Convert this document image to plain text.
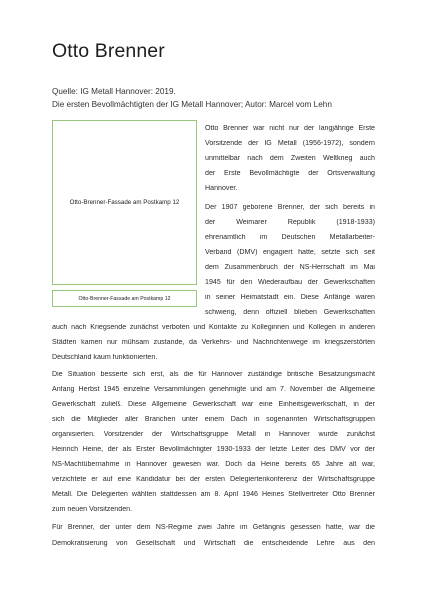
Otto Brenner
Quelle: IG Metall Hannover: 2019.
Die ersten Bevollmächtigten der IG Metall Hannover; Autor: Marcel vom Lehn
Otto-Brenner-Fassade am Postkamp 12
Otto-Brenner-Fassade am Postkamp 12
Otto Brenner war nicht nur der langjährige Erste
Vorsitzende der IG Metall (1956-1972), sondern
unmittelbar nach dem Zweiten Weltkrieg auch
der Erste Bevollmächtigte der Ortsverwaltung
Hannover.
Der 1907 geborene Brenner, der sich bereits in
der Weimarer Republik (1918-1933)
ehrenamtlich im Deutschen Metallarbeiter-
Verband (DMV) engagiert hatte, setzte sich seit
dem Zusammenbruch der NS-Herrschaft im Mai
1945 für den Wiederaufbau der Gewerkschaften
in seiner Heimatstadt ein. Diese Anfänge waren
schwierig, denn offiziell blieben Gewerkschaften
auch nach Kriegsende zunächst verboten und Kontakte zu Kolleginnen und Kollegen in anderen
Städten kamen nur mühsam zustande, da Verkehrs- und Nachrichtenwege im kriegszerstörten
Deutschland kaum funktionierten.
Die Situation besserte sich erst, als die für Hannover zuständige britische Besatzungsmacht
Anfang Herbst 1945 einzelne Versammlungen genehmigte und am 7. November die Allgemeine
Gewerkschaft zuließ. Diese Allgemeine Gewerkschaft war eine Einheitsgewerkschaft, in der
sich die Mitglieder aller Branchen unter einem Dach in sogenannten Wirtschaftsgruppen
organisierten. Vorsitzender der Wirtschaftsgruppe Metall in Hannover wurde zunächst
Heinrich Heine, der als Erster Bevollmächtigter 1930-1933 der letzte Leiter des DMV vor der
NS-Machtübernahme in Hannover gewesen war. Doch da Heine bereits 65 Jahre alt war,
verzichtete er auf eine Kandidatur bei der ersten Delegiertenkonferenz der Wirtschaftsgruppe
Metall. Die Delegierten wählten stattdessen am 8. April 1946 Heines Stellvertreter Otto Brenner
zum neuen Vorsitzenden.
Für Brenner, der unter dem NS-Regime zwei Jahre im Gefängnis gesessen hatte, war die
Demokratisierung von Gesellschaft und Wirtschaft die entscheidende Lehre aus den
